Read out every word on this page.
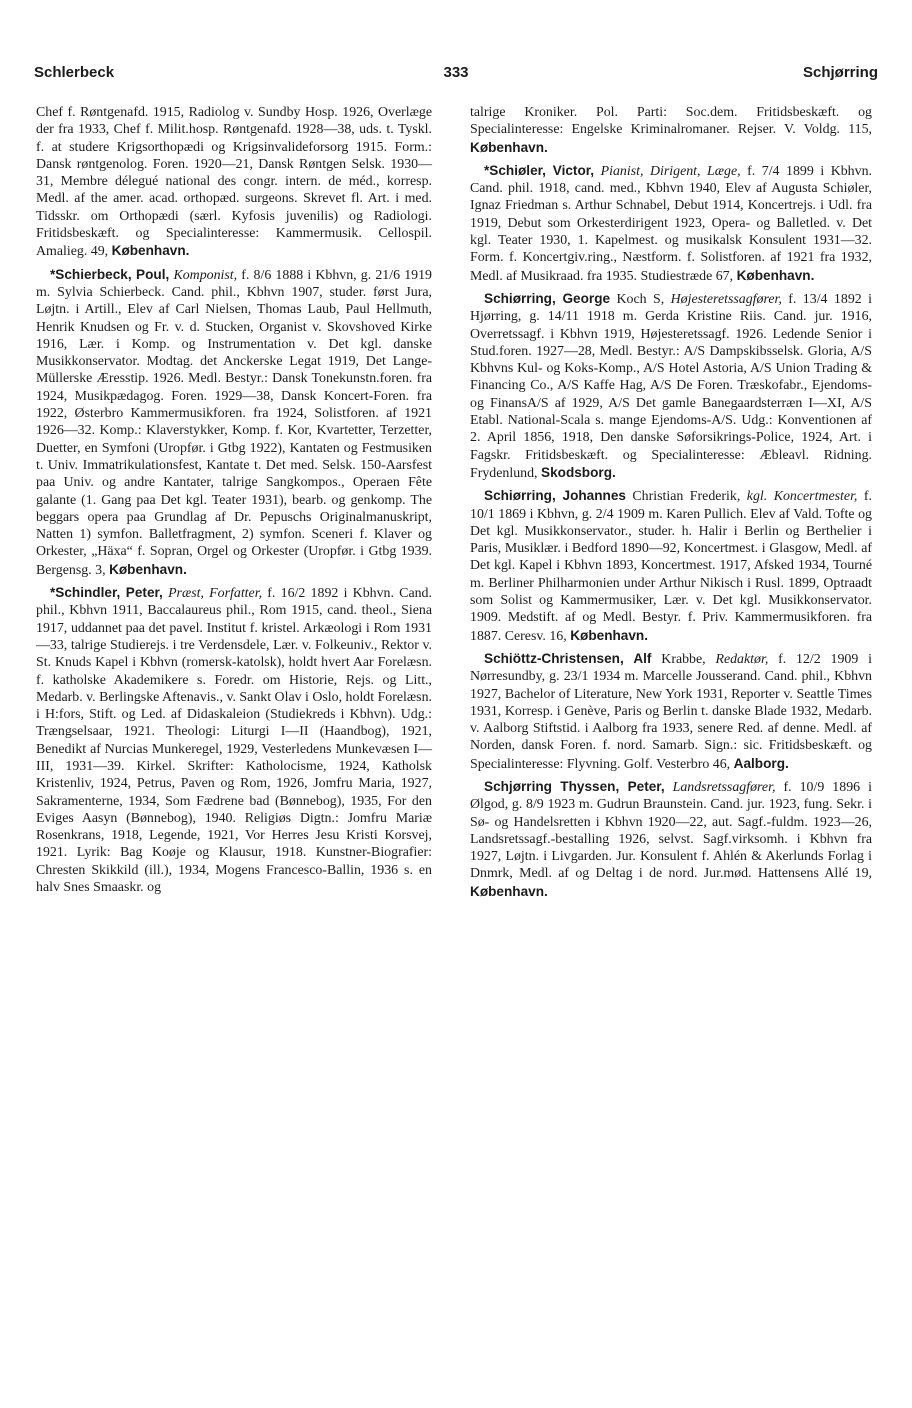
Schlerbeck	333	Schjørring

Chef f. Røntgenafd. 1915, Radiolog v. Sundby Hosp. 1926, Overlæge der fra 1933, Chef f. Milit.hosp. Røntgenafd. 1928—38, uds. t. Tyskl. f. at studere Krigsorthopædi og Krigsinvalideforsorg 1915. Form.: Dansk røntgenolog. Foren. 1920—21, Dansk Røntgen Selsk. 1930—31, Membre délegué national des congr. intern. de méd., korresp. Medl. af the amer. acad. orthopæd. surgeons. Skrevet fl. Art. i med. Tidsskr. om Orthopædi (særl. Kyfosis juvenilis) og Radiologi. Fritidsbeskæft. og Specialinteresse: Kammermusik. Cellospil. Amalieg. 49, København.

*Schierbeck, Poul, Komponist, f. 8/6 1888 i Kbhvn, g. 21/6 1919 m. Sylvia Schierbeck. Cand. phil., Kbhvn 1907, studer. først Jura, Løjtn. i Artill., Elev af Carl Nielsen, Thomas Laub, Paul Hellmuth, Henrik Knudsen og Fr. v. d. Stucken, Organist v. Skovshoved Kirke 1916, Lær. i Komp. og Instrumentation v. Det kgl. danske Musikkonservator. Modtag. det Anckerske Legat 1919, Det Lange-Müllerske Æresstip. 1926. Medl. Bestyr.: Dansk Tonekunstn.foren. fra 1924, Musikpædagog. Foren. 1929—38, Dansk Koncert-Foren. fra 1922, Østerbro Kammermusikforen. fra 1924, Solistforen. af 1921 1926—32. Komp.: Klaverstykker, Komp. f. Kor, Kvartetter, Terzetter, Duetter, en Symfoni (Uropfør. i Gtbg 1922), Kantaten og Festmusiken t. Univ. Immatrikulationsfest, Kantate t. Det med. Selsk. 150-Aarsfest paa Univ. og andre Kantater, talrige Sangkompos., Operaen Fête galante (1. Gang paa Det kgl. Teater 1931), bearb. og genkomp. The beggars opera paa Grundlag af Dr. Pepuschs Originalmanuskript, Natten 1) symfon. Balletfragment, 2) symfon. Sceneri f. Klaver og Orkester, „Häxa“ f. Sopran, Orgel og Orkester (Uropfør. i Gtbg 1939. Bergensg. 3, København.

*Schindler, Peter, Præst, Forfatter, f. 16/2 1892 i Kbhvn. Cand. phil., Kbhvn 1911, Baccalaureus phil., Rom 1915, cand. theol., Siena 1917, uddannet paa det pavel. Institut f. kristel. Arkæologi i Rom 1931—33, talrige Studierejs. i tre Verdensdele, Lær. v. Folkeuniv., Rektor v. St. Knuds Kapel i Kbhvn (romersk-katolsk), holdt hvert Aar Forelæsn. f. katholske Akademikere s. Foredr. om Historie, Rejs. og Litt., Medarb. v. Berlingske Aftenavis., v. Sankt Olav i Oslo, holdt Forelæsn. i H:fors, Stift. og Led. af Didaskaleion (Studiekreds i Kbhvn). Udg.: Trængselsaar, 1921. Theologi: Liturgi I—II (Haandbog), 1921, Benedikt af Nurcias Munkeregel, 1929, Vesterledens Munkevæsen I—III, 1931—39. Kirkel. Skrifter: Katholocisme, 1924, Katholsk Kristenliv, 1924, Petrus, Paven og Rom, 1926, Jomfru Maria, 1927, Sakramenterne, 1934, Som Fædrene bad (Bønnebog), 1935, For den Eviges Aasyn (Bønnebog), 1940. Religiøs Digtn.: Jomfru Mariæ Rosenkrans, 1918, Legende, 1921, Vor Herres Jesu Kristi Korsvej, 1921. Lyrik: Bag Koøje og Klausur, 1918. Kunstner-Biografier: Chresten Skikkild (ill.), 1934, Mogens Francesco-Ballin, 1936 s. en halv Snes Smaaskr. og

talrige Kroniker. Pol. Parti: Soc.dem. Fritidsbeskæft. og Specialinteresse: Engelske Kriminalromaner. Rejser. V. Voldg. 115, København.

*Schiøler, Victor, Pianist, Dirigent, Læge, f. 7/4 1899 i Kbhvn. Cand. phil. 1918, cand. med., Kbhvn 1940, Elev af Augusta Schiøler, Ignaz Friedman s. Arthur Schnabel, Debut 1914, Koncertrejs. i Udl. fra 1919, Debut som Orkesterdirigent 1923, Opera- og Balletled. v. Det kgl. Teater 1930, 1. Kapelmest. og musikalsk Konsulent 1931—32. Form. f. Koncertgiv.ring., Næstform. f. Solistforen. af 1921 fra 1932, Medl. af Musikraad. fra 1935. Studiestræde 67, København.

Schiørring, George Koch S, Højesteretssagfører, f. 13/4 1892 i Hjørring, g. 14/11 1918 m. Gerda Kristine Riis. Cand. jur. 1916, Overretssagf. i Kbhvn 1919, Højesteretssagf. 1926. Ledende Senior i Stud.foren. 1927—28, Medl. Bestyr.: A/S Dampskibsselsk. Gloria, A/S Kbhvns Kul- og Koks-Komp., A/S Hotel Astoria, A/S Union Trading & Financing Co., A/S Kaffe Hag, A/S De Foren. Træskofabr., Ejendoms- og FinansA/S af 1929, A/S Det gamle Banegaardsterræn I—XI, A/S Etabl. National-Scala s. mange Ejendoms-A/S. Udg.: Konventionen af 2. April 1856, 1918, Den danske Søforsikrings-Police, 1924, Art. i Fagskr. Fritidsbeskæft. og Specialinteresse: Æbleavl. Ridning. Frydenlund, Skodsborg.

Schiørring, Johannes Christian Frederik, kgl. Koncertmester, f. 10/1 1869 i Kbhvn, g. 2/4 1909 m. Karen Pullich. Elev af Vald. Tofte og Det kgl. Musikkonservator., studer. h. Halir i Berlin og Berthelier i Paris, Musiklær. i Bedford 1890—92, Koncertmest. i Glasgow, Medl. af Det kgl. Kapel i Kbhvn 1893, Koncertmest. 1917, Afsked 1934, Tourné m. Berliner Philharmonien under Arthur Nikisch i Rusl. 1899, Optraadt som Solist og Kammermusiker, Lær. v. Det kgl. Musikkonservator. 1909. Medstift. af og Medl. Bestyr. f. Priv. Kammermusikforen. fra 1887. Ceresv. 16, København.

Schiöttz-Christensen, Alf Krabbe, Redaktør, f. 12/2 1909 i Nørresundby, g. 23/1 1934 m. Marcelle Jousserand. Cand. phil., Kbhvn 1927, Bachelor of Literature, New York 1931, Reporter v. Seattle Times 1931, Korresp. i Genève, Paris og Berlin t. danske Blade 1932, Medarb. v. Aalborg Stiftstid. i Aalborg fra 1933, senere Red. af denne. Medl. af Norden, dansk Foren. f. nord. Samarb. Sign.: sic. Fritidsbeskæft. og Specialinteresse: Flyvning. Golf. Vesterbro 46, Aalborg.

Schjørring Thyssen, Peter, Landsretssagfører, f. 10/9 1896 i Ølgod, g. 8/9 1923 m. Gudrun Braunstein. Cand. jur. 1923, fung. Sekr. i Sø- og Handelsretten i Kbhvn 1920—22, aut. Sagf.-fuldm. 1923—26, Landsretssagf.-bestalling 1926, selvst. Sagf.virksomh. i Kbhvn fra 1927, Løjtn. i Livgarden. Jur. Konsulent f. Ahlén & Akerlunds Forlag i Dnmrk, Medl. af og Deltag i de nord. Jur.mød. Hattensens Allé 19, København.
